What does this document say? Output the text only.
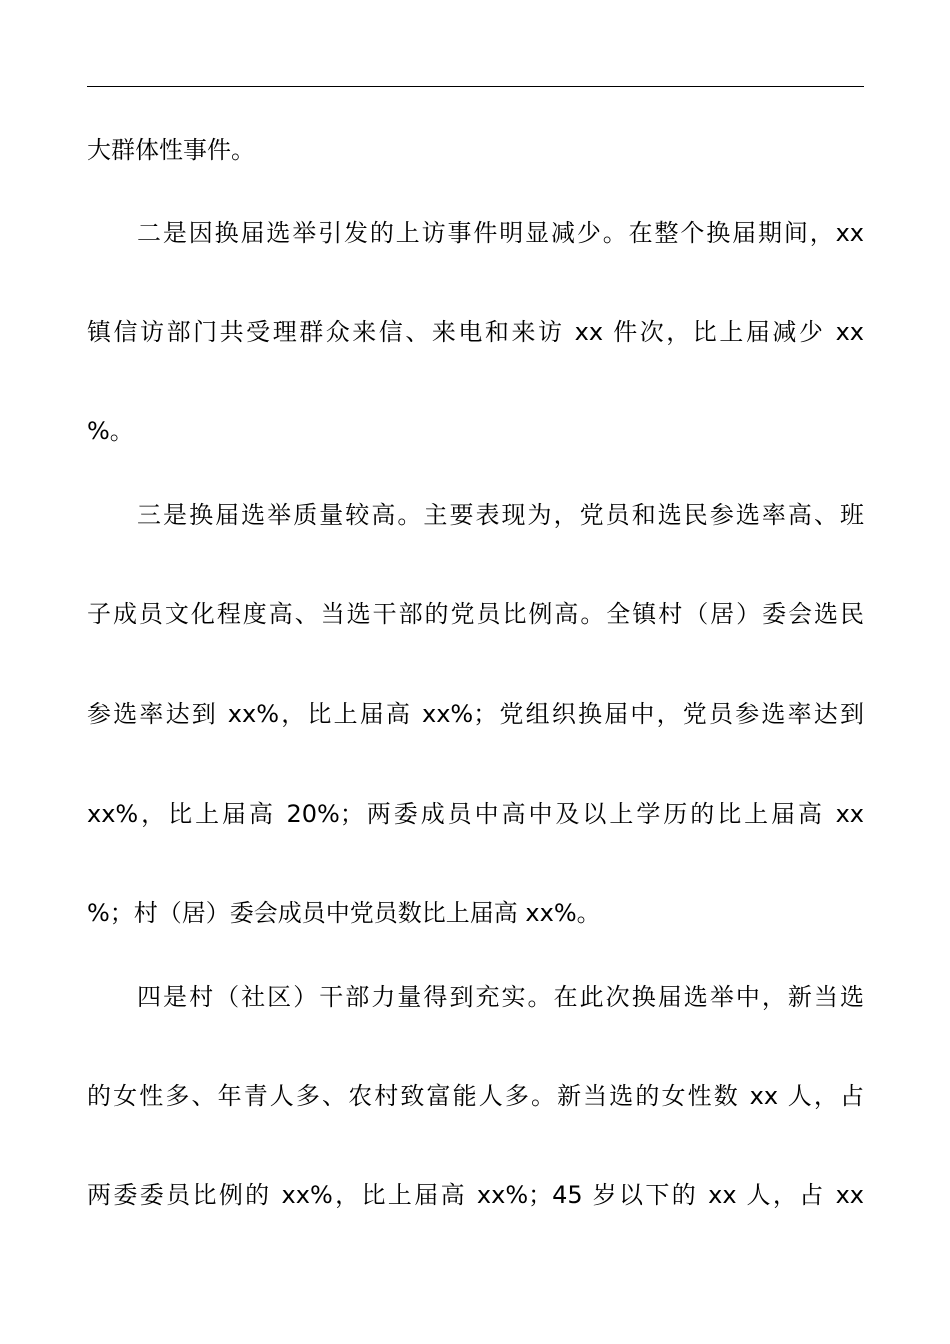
大群体性事件。
二是因换届选举引发的上访事件明显减少。在整个换届期间，xx
镇信访部门共受理群众来信、来电和来访 xx 件次，比上届减少 xx
%。
三是换届选举质量较高。主要表现为，党员和选民参选率高、班
子成员文化程度高、当选干部的党员比例高。全镇村（居）委会选民
参选率达到 xx%，比上届高 xx%；党组织换届中，党员参选率达到
xx%，比上届高 20%；两委成员中高中及以上学历的比上届高 xx
%；村（居）委会成员中党员数比上届高 xx%。
四是村（社区）干部力量得到充实。在此次换届选举中，新当选
的女性多、年青人多、农村致富能人多。新当选的女性数 xx 人，占
两委委员比例的 xx%，比上届高 xx%；45 岁以下的 xx 人，占 xx
